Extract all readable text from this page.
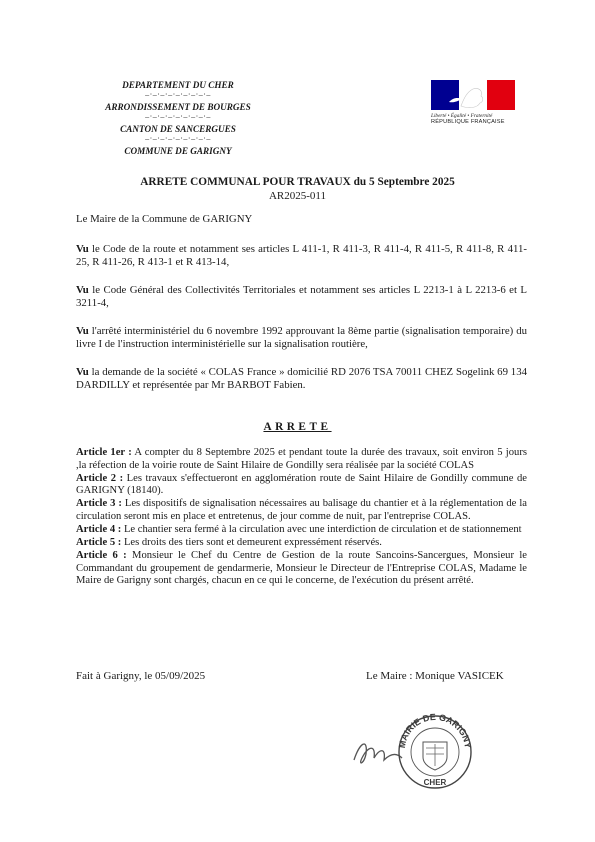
DEPARTEMENT DU CHER

–·–·–·–·–·–·–·–·–

ARRONDISSEMENT DE BOURGES

–·–·–·–·–·–·–·–·–

CANTON DE SANCERGUES

–·–·–·–·–·–·–·–·–

COMMUNE DE GARIGNY

Liberté • Égalité • Fraternité
RÉPUBLIQUE FRANÇAISE
ARRETE COMMUNAL POUR TRAVAUX du 5 Septembre 2025
AR2025-011

Le Maire de la Commune de GARIGNY

Vu le Code de la route et notamment ses articles L 411-1, R 411-3, R 411-4, R 411-5, R 411-8, R 411-25, R 411-26, R 413-1 et R 413-14,

Vu le Code Général des Collectivités Territoriales et notamment ses articles L 2213-1 à L 2213-6 et L 3211-4,

Vu l'arrêté interministériel du 6 novembre 1992 approuvant la 8ème partie (signalisation temporaire) du livre I de l'instruction interministérielle sur la signalisation routière,

Vu la demande de la société « COLAS France » domicilié RD 2076 TSA 70011 CHEZ Sogelink 69 134 DARDILLY et représentée par Mr BARBOT Fabien.

ARRETE

Article 1er : A compter du 8 Septembre 2025 et pendant toute la durée des travaux, soit environ 5 jours ,la réfection de la voirie route de Saint Hilaire de Gondilly sera réalisée par la société COLAS

Article 2 : Les travaux s'effectueront en agglomération route de Saint Hilaire de Gondilly commune de GARIGNY (18140).

Article 3 : Les dispositifs de signalisation nécessaires au balisage du chantier et à la réglementation de la circulation seront mis en place et entretenus, de jour comme de nuit, par l'entreprise COLAS.

Article 4 : Le chantier sera fermé à la circulation avec une interdiction de circulation et de stationnement

Article 5 : Les droits des tiers sont et demeurent expressément réservés.

Article 6 : Monsieur le Chef du Centre de Gestion de la route Sancoins-Sancergues, Monsieur le Commandant du groupement de gendarmerie, Monsieur le Directeur de l'Entreprise COLAS, Madame le Maire de Garigny sont chargés, chacun en ce qui le concerne, de l'exécution du présent arrêté.

Fait à Garigny, le 05/09/2025	Le Maire : Monique VASICEK
MAIRIE DE GARIGNY
CHER
